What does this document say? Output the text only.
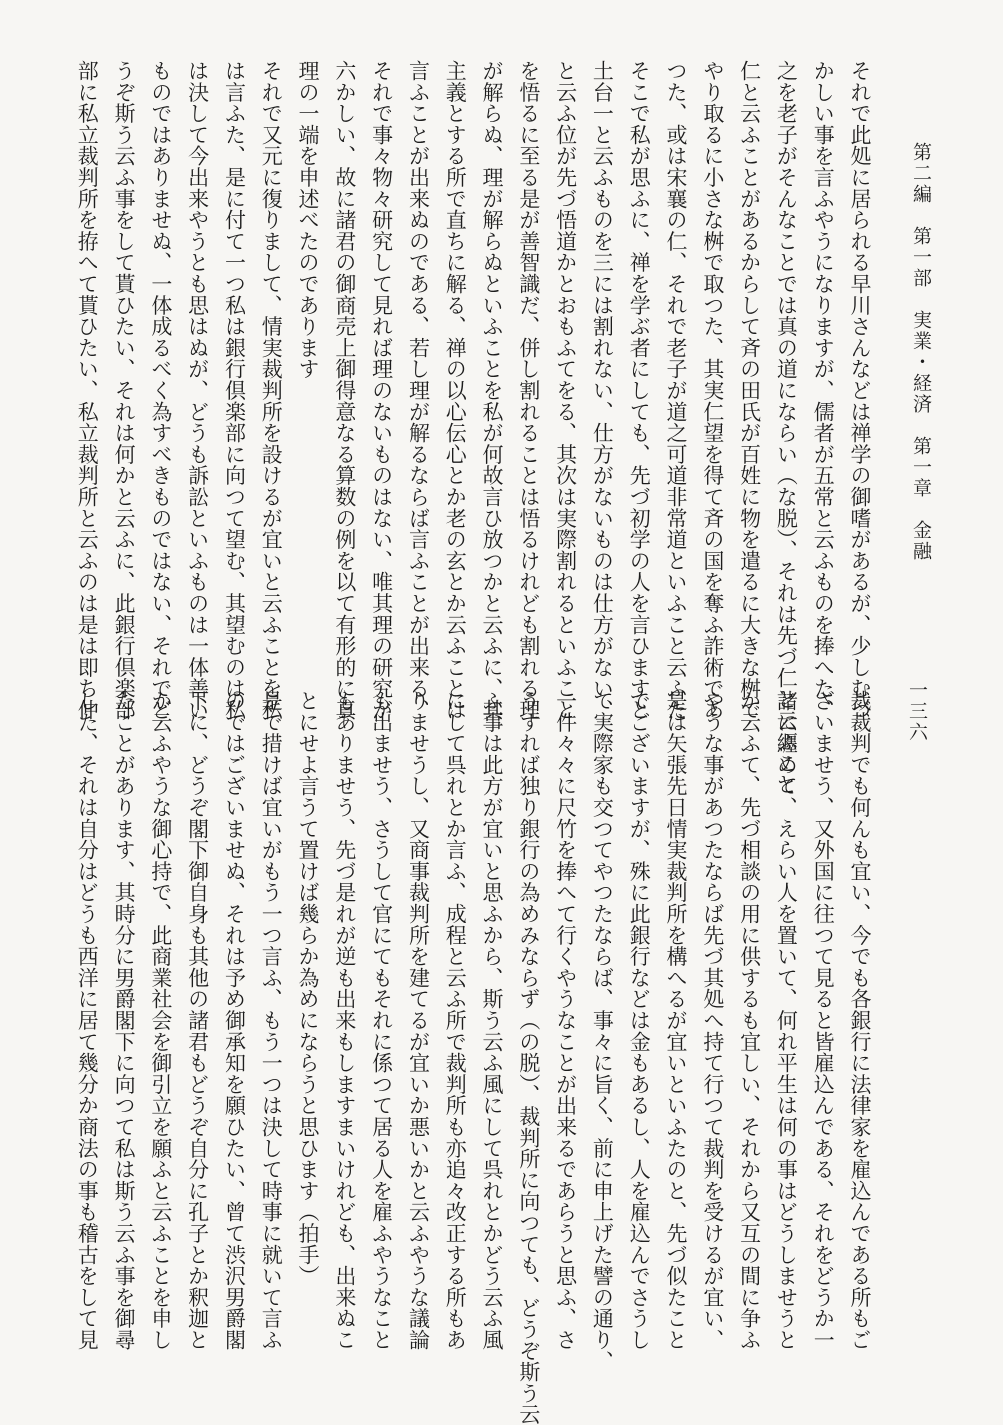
第二編　第一部　実業・経済　第一章　金融
一三六
それで此処に居られる早川さんなどは禅学の御嗜があるが、少しむづ
かしい事を言ふやうになりますが、儒者が五常と云ふものを捧へた、
之を老子がそんなことでは真の道にならい（な脱）、それは先づ仁と云ふこと
仁と云ふことがあるからして斉の田氏が百姓に物を遣るに大きな桝で
やり取るに小さな桝で取つた、其実仁望を得て斉の国を奪ふ詐術であ
つた、或は宋襄の仁、それで老子が道之可道非常道といふこと云ふた
そこで私が思ふに、禅を学ぶ者にしても、先づ初学の人を言ひますと
土台一と云ふものを三には割れない、仕方がないものは仕方がない、
と云ふ位が先づ悟道かとおもふてをる、其次は実際割れるといふこと
を悟るに至る是が善智識だ、併し割れることは悟るけれども割れる理
が解らぬ、理が解らぬといふことを私が何故言ひ放つかと云ふに、其
主義とする所で直ちに解る、禅の以心伝心とか老の玄とか云ふことは
言ふことが出来ぬのである、若し理が解るならば言ふことが出来る、
それで事々物々研究して見れば理のないものはない、唯其理の研究が
六かしい、故に諸君の御商売上御得意なる算数の例を以て有形的に真
理の一端を申述べたのであります
それで又元に復りまして、情実裁判所を設けるが宜いと云ふことを私
は言ふた、是に付て一つ私は銀行倶楽部に向つて望む、其望むのは私
は決して今出来やうとも思はぬが、どうも訴訟といふものは一体善い
ものではありませぬ、一体成るべく為すべきものではない、それでど
うぞ斯う云ふ事をして貰ひたい、それは何かと云ふに、此銀行倶楽部
部に私立裁判所を拵へて貰ひたい、私立裁判所と云ふのは是は即ち仲
裁裁判でも何んも宜い、今でも各銀行に法律家を雇込んである所もご
ざいませう、又外国に往つて見ると皆雇込んである、それをどうか一
諸に纒めて、えらい人を置いて、何れ平生は何の事はどうしませうと
か云ふて、先づ相談の用に供するも宜しい、それから又互の間に争ふ
やうな事があつたならば先づ其処へ持て行つて裁判を受けるが宜い、
是は矢張先日情実裁判所を構へるが宜いといふたのと、先づ似たこと
でございますが、殊に此銀行などは金もあるし、人を雇込んでさうし
て実際家も交つてやつたならば、事々に旨く、前に申上げた譬の通り、
一件々々に尺竹を捧へて行くやうなことが出来るであらうと思ふ、さ
うすれば独り銀行の為めみならず（の脱）、裁判所に向つても、どうぞ斯う云
ふ事は此方が宜いと思ふから、斯う云ふ風にして呉れとかどう云ふ風
にして呉れとか言ふ、成程と云ふ所で裁判所も亦追々改正する所もあ
りませうし、又商事裁判所を建てるが宜いか悪いかと云ふやうな議論
も出ませう、さうして官にてもそれに係つて居る人を雇ふやうなこと
もありませう、先づ是れが逆も出来もしますまいけれども、出来ぬこ
とにせよ言うて置けば幾らか為めにならうと思ひます（拍手）
是で措けば宜いがもう一つ言ふ、もう一つは決して時事に就いて言ふ
のではございませぬ、それは予め御承知を願ひたい、曾て渋沢男爵閣
下に、どうぞ閣下御自身も其他の諸君もどうぞ自分に孔子とか釈迦と
か云ふやうな御心持で、此商業社会を御引立を願ふと云ふことを申し
たことがあります、其時分に男爵閣下に向つて私は斯う云ふ事を御尋
した、それは自分はどうも西洋に居て幾分か商法の事も稽古をして見
